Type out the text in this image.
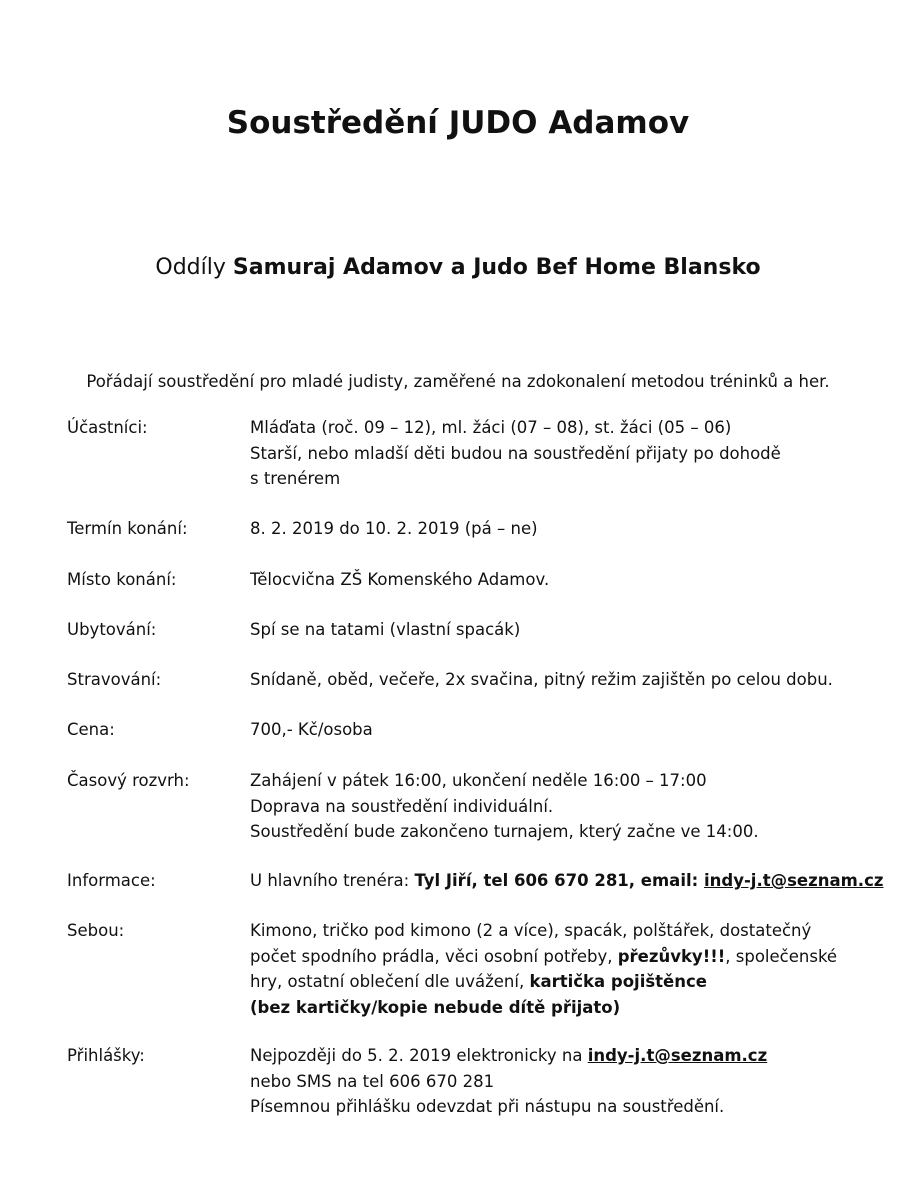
Soustředění JUDO Adamov

Oddíly Samuraj Adamov a Judo Bef Home Blansko

Pořádají soustředění pro mladé judisty, zaměřené na zdokonalení metodou tréninků a her.

Účastníci:	Mláďata (roč. 09 – 12), ml. žáci (07 – 08), st. žáci (05 – 06)
Starší, nebo mladší děti budou na soustředění přijaty po dohodě
s trenérem
Termín konání:	8. 2. 2019 do 10. 2. 2019 (pá – ne)
Místo konání:	Tělocvična ZŠ Komenského Adamov.
Ubytování:	Spí se na tatami (vlastní spacák)
Stravování:	Snídaně, oběd, večeře, 2x svačina, pitný režim zajištěn po celou dobu.
Cena:	700,- Kč/osoba
Časový rozvrh:	Zahájení v pátek 16:00, ukončení neděle 16:00 – 17:00
Doprava na soustředění individuální.
Soustředění bude zakončeno turnajem, který začne ve 14:00.
Informace:	U hlavního trenéra: Tyl Jiří, tel 606 670 281, email: indy-j.t@seznam.cz
Sebou:	Kimono, tričko pod kimono (2 a více), spacák, polštářek, dostatečný
počet spodního prádla, věci osobní potřeby, přezůvky!!!, společenské
hry, ostatní oblečení dle uvážení, kartička pojištěnce
(bez kartičky/kopie nebude dítě přijato)
Přihlášky:	Nejpozději do 5. 2. 2019 elektronicky na indy-j.t@seznam.cz
nebo SMS na tel 606 670 281
Písemnou přihlášku odevzdat při nástupu na soustředění.
